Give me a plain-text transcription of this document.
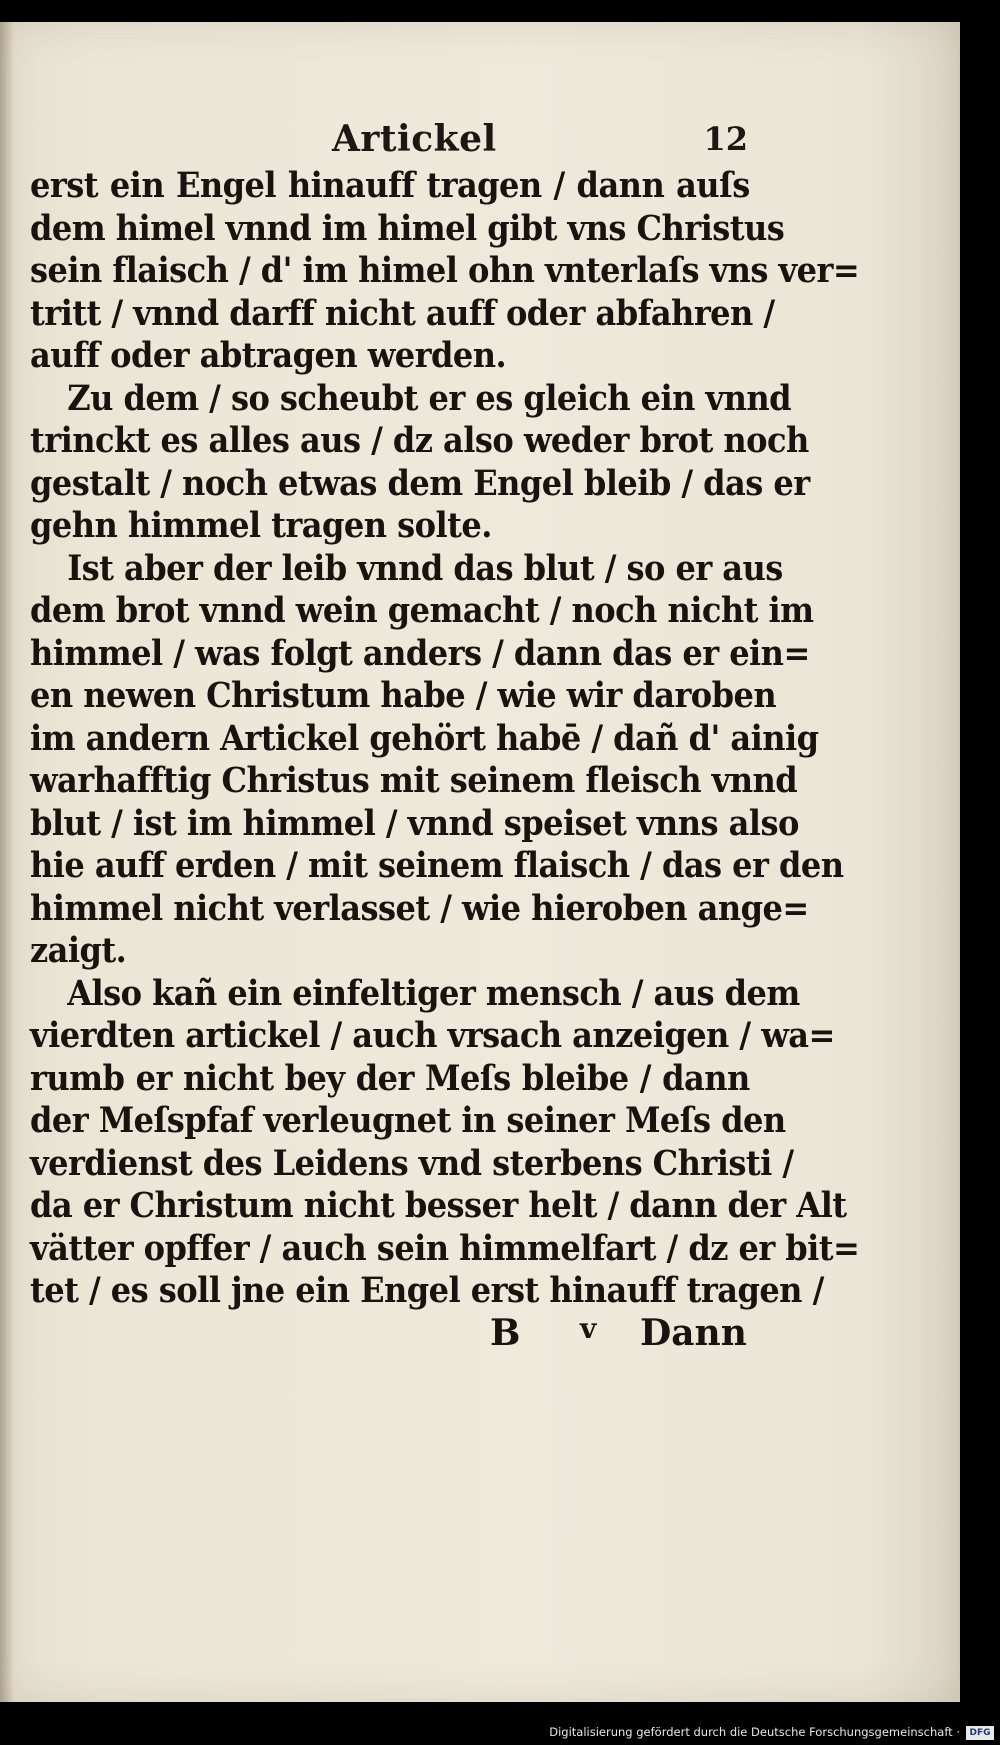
Artickel	12
erst ein Engel hinauff tragen / dann auſs
dem himel vnnd im himel gibt vns Christus
sein flaisch / d' im himel ohn vnterlaſs vns ver=
tritt / vnnd darff nicht auff oder abfahren /
auff oder abtragen werden.
Zu dem / so scheubt er es gleich ein vnnd
trinckt es alles aus / dz also weder brot noch
gestalt / noch etwas dem Engel bleib / das er
gehn himmel tragen solte.
Ist aber der leib vnnd das blut / so er aus
dem brot vnnd wein gemacht / noch nicht im
himmel / was folgt anders / dann das er ein=
en newen Christum habe / wie wir daroben
im andern Artickel gehört habē / dañ d' ainig
warhafftig Christus mit seinem fleisch vnnd
blut / ist im himmel / vnnd speiset vnns also
hie auff erden / mit seinem flaisch / das er den
himmel nicht verlasset / wie hieroben ange=
zaigt.
Also kañ ein einfeltiger mensch / aus dem
vierdten artickel / auch vrsach anzeigen / wa=
rumb er nicht bey der Meſs bleibe / dann
der Meſspfaf verleugnet in seiner Meſs den
verdienst des Leidens vnd sterbens Christi /
da er Christum nicht besser helt / dann der Alt
vätter opffer / auch sein himmelfart / dz er bit=
tet / es soll jne ein Engel erst hinauff tragen /
B v Dann
Digitalisierung gefördert durch die Deutsche Forschungsgemeinschaft ·	DFG
